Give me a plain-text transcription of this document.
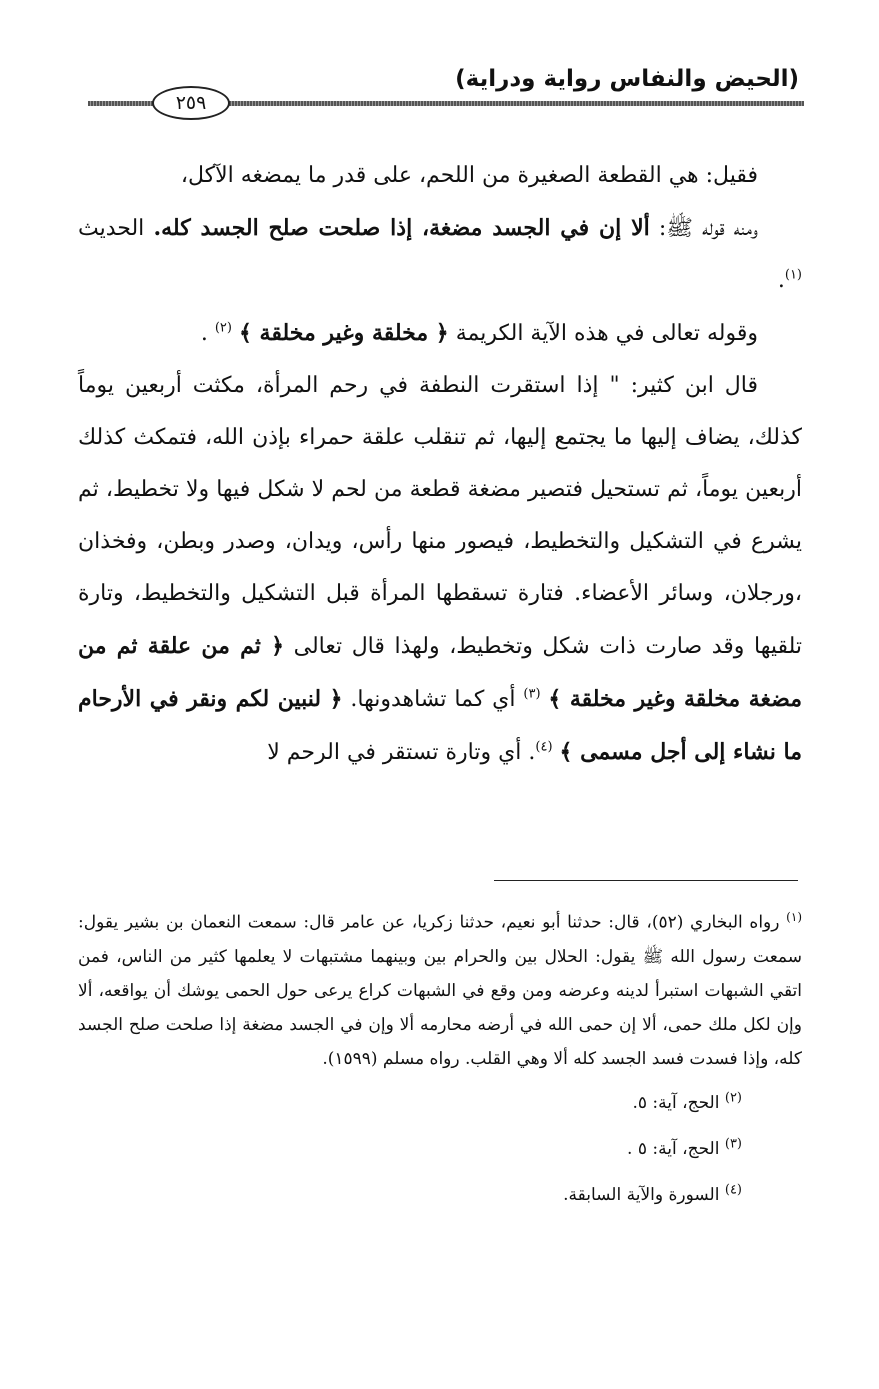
(الحيض والنفاس رواية ودراية)
٢٥٩

فقيل: هي القطعة الصغيرة من اللحم، على قدر ما يمضغه الآكل،

ومنه قوله ﷺ: ألا إن في الجسد مضغة، إذا صلحت صلح الجسد كله. الحديث $^{(١)}$.

وقوله تعالى في هذه الآية الكريمة ﴿ مخلقة وغير مخلقة ﴾ $^{(٢)}$ .

قال ابن كثير: " إذا استقرت النطفة في رحم المرأة، مكثت أربعين يوماً كذلك، يضاف إليها ما يجتمع إليها، ثم تنقلب علقة حمراء بإذن الله، فتمكث كذلك أربعين يوماً، ثم تستحيل فتصير مضغة قطعة من لحم لا شكل فيها ولا تخطيط، ثم يشرع في التشكيل والتخطيط، فيصور منها رأس، ويدان، وصدر وبطن، وفخذان ،ورجلان، وسائر الأعضاء. فتارة تسقطها المرأة قبل التشكيل والتخطيط، وتارة تلقيها وقد صارت ذات شكل وتخطيط، ولهذا قال تعالى ﴿ ثم من علقة ثم من مضغة مخلقة وغير مخلقة ﴾ $^{(٣)}$ أي كما تشاهدونها. ﴿ لنبين لكم ونقر في الأرحام ما نشاء إلى أجل مسمى ﴾ $^{(٤)}$. أي وتارة تستقر في الرحم لا

$^{(١)}$ رواه البخاري (٥٢)، قال: حدثنا أبو نعيم، حدثنا زكريا، عن عامر قال: سمعت النعمان بن بشير يقول: سمعت رسول الله ﷺ يقول: الحلال بين والحرام بين وبينهما مشتبهات لا يعلمها كثير من الناس، فمن اتقي الشبهات استبرأ لدينه وعرضه ومن وقع في الشبهات كراع يرعى حول الحمى يوشك أن يواقعه، ألا وإن لكل ملك حمى، ألا إن حمى الله في أرضه محارمه ألا وإن في الجسد مضغة إذا صلحت صلح الجسد كله، وإذا فسدت فسد الجسد كله ألا وهي القلب. رواه مسلم (١٥٩٩).

$^{(٢)}$ الحج، آية: ٥.

$^{(٣)}$ الحج، آية: ٥ .

$^{(٤)}$ السورة والآية السابقة.
